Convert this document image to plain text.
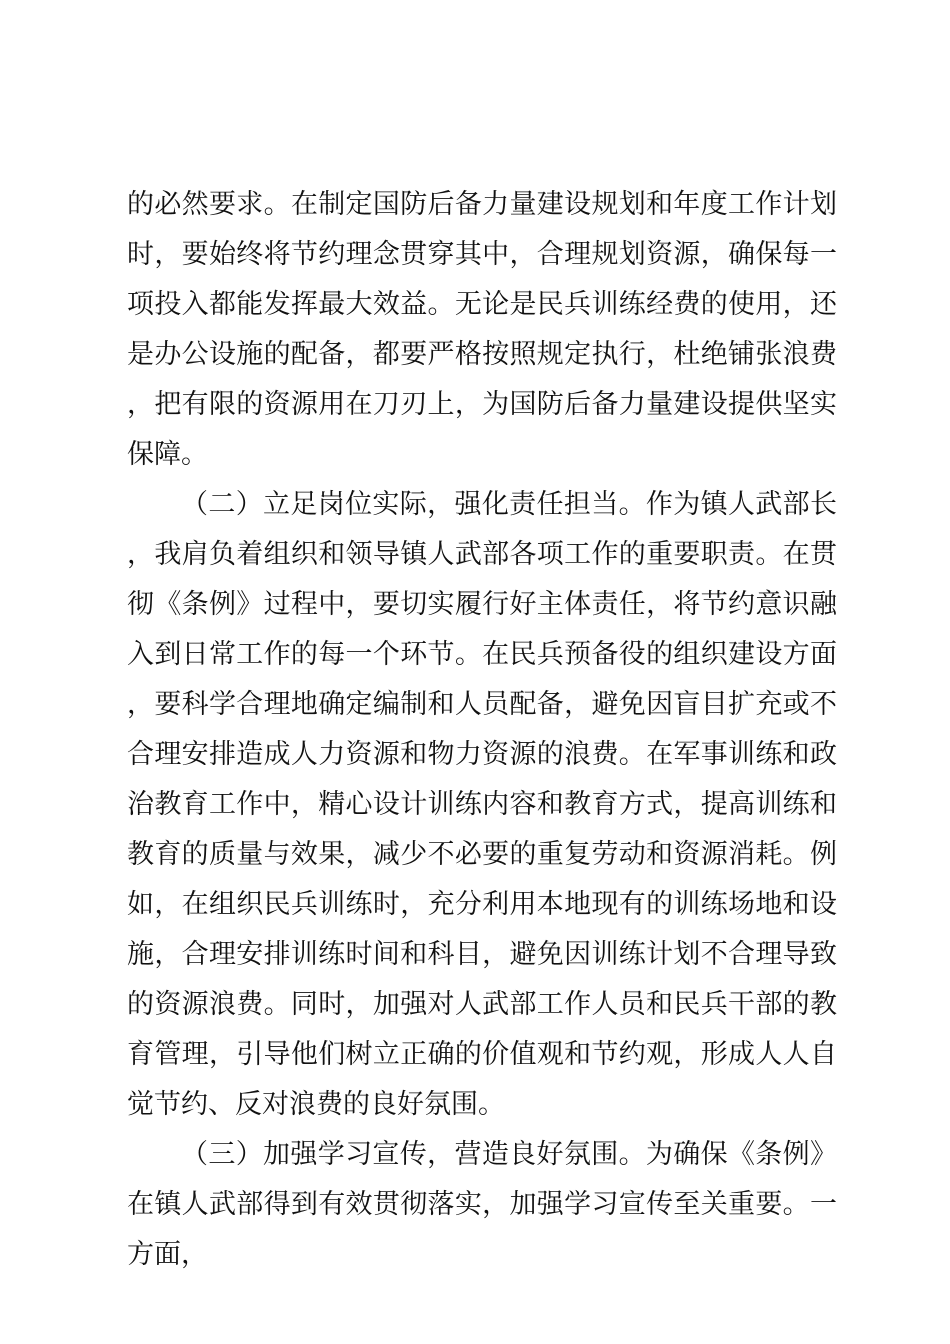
的必然要求。在制定国防后备力量建设规划和年度工作计划时，要始终将节约理念贯穿其中，合理规划资源，确保每一项投入都能发挥最大效益。无论是民兵训练经费的使用，还是办公设施的配备，都要严格按照规定执行，杜绝铺张浪费，把有限的资源用在刀刃上，为国防后备力量建设提供坚实保障。

（二）立足岗位实际，强化责任担当。作为镇人武部长，我肩负着组织和领导镇人武部各项工作的重要职责。在贯彻《条例》过程中，要切实履行好主体责任，将节约意识融入到日常工作的每一个环节。在民兵预备役的组织建设方面，要科学合理地确定编制和人员配备，避免因盲目扩充或不合理安排造成人力资源和物力资源的浪费。在军事训练和政治教育工作中，精心设计训练内容和教育方式，提高训练和教育的质量与效果，减少不必要的重复劳动和资源消耗。例如，在组织民兵训练时，充分利用本地现有的训练场地和设施，合理安排训练时间和科目，避免因训练计划不合理导致的资源浪费。同时，加强对人武部工作人员和民兵干部的教育管理，引导他们树立正确的价值观和节约观，形成人人自觉节约、反对浪费的良好氛围。

（三）加强学习宣传，营造良好氛围。为确保《条例》在镇人武部得到有效贯彻落实，加强学习宣传至关重要。一方面，
